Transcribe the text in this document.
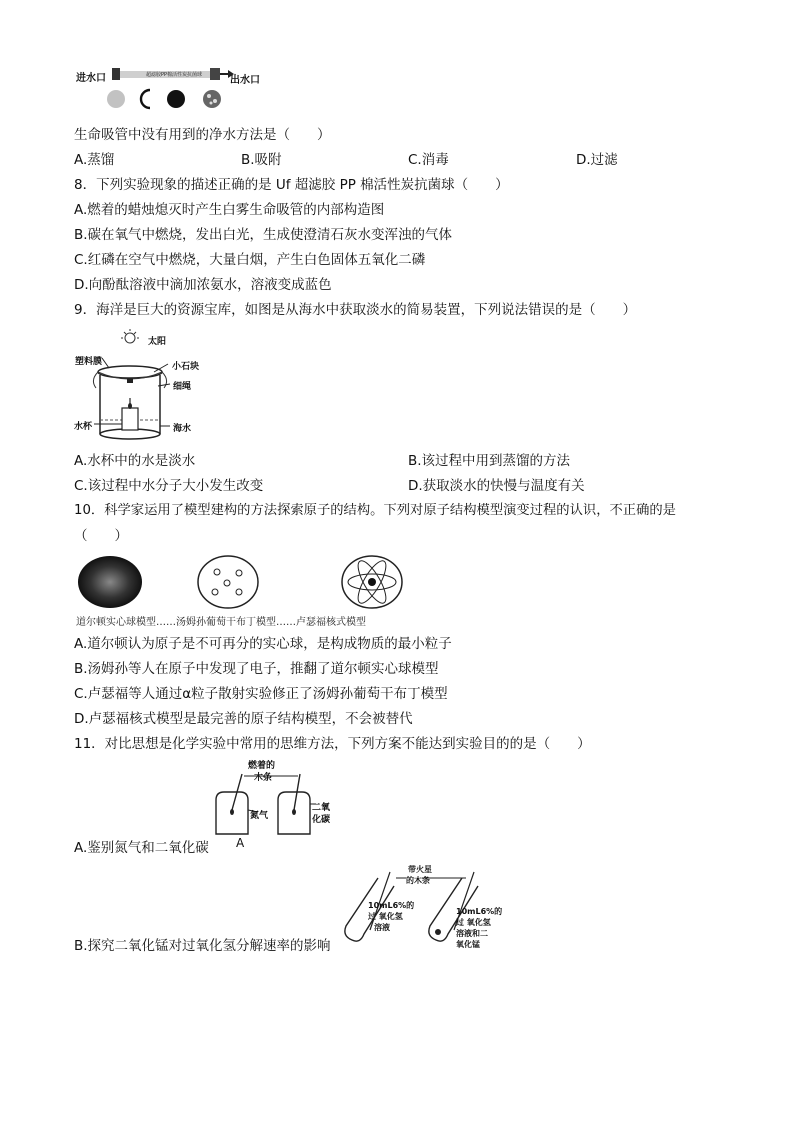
进水口	出水口
超滤胶PP棉活性炭抗菌球
生命吸管中没有用到的净水方法是（　　）
A.蒸馏	B.吸附	C.消毒	D.过滤
8．下列实验现象的描述正确的是 Uf 超滤胶 PP 棉活性炭抗菌球（　　）
A.燃着的蜡烛熄灭时产生白雾生命吸管的内部构造图
B.碳在氧气中燃烧，发出白光，生成使澄清石灰水变浑浊的气体
C.红磷在空气中燃烧，大量白烟，产生白色固体五氧化二磷
D.向酚酞溶液中滴加浓氨水，溶液变成蓝色
9．海洋是巨大的资源宝库，如图是从海水中获取淡水的简易装置，下列说法错误的是（　　）
太阳
塑料膜	小石块
细绳
水杯	海水
A.水杯中的水是淡水	B.该过程中用到蒸馏的方法
C.该过程中水分子大小发生改变	D.获取淡水的快慢与温度有关
10．科学家运用了模型建构的方法探索原子的结构。下列对原子结构模型演变过程的认识，不正确的是
（　　）
道尔顿实心球模型……汤姆孙葡萄干布丁模型……卢瑟福核式模型
A.道尔顿认为原子是不可再分的实心球，是构成物质的最小粒子
B.汤姆孙等人在原子中发现了电子，推翻了道尔顿实心球模型
C.卢瑟福等人通过α粒子散射实验修正了汤姆孙葡萄干布丁模型
D.卢瑟福核式模型是最完善的原子结构模型，不会被替代
11．对比思想是化学实验中常用的思维方法，下列方案不能达到实验目的的是（　　）
燃着的
木条
氮气
二氧
化碳
A
A.鉴别氮气和二氧化碳
带火星
的木条
10mL6%的
过 氧化氢
溶液
10mL6%的
过 氧化氢
溶液和二
氧化锰
B.探究二氧化锰对过氧化氢分解速率的影响
